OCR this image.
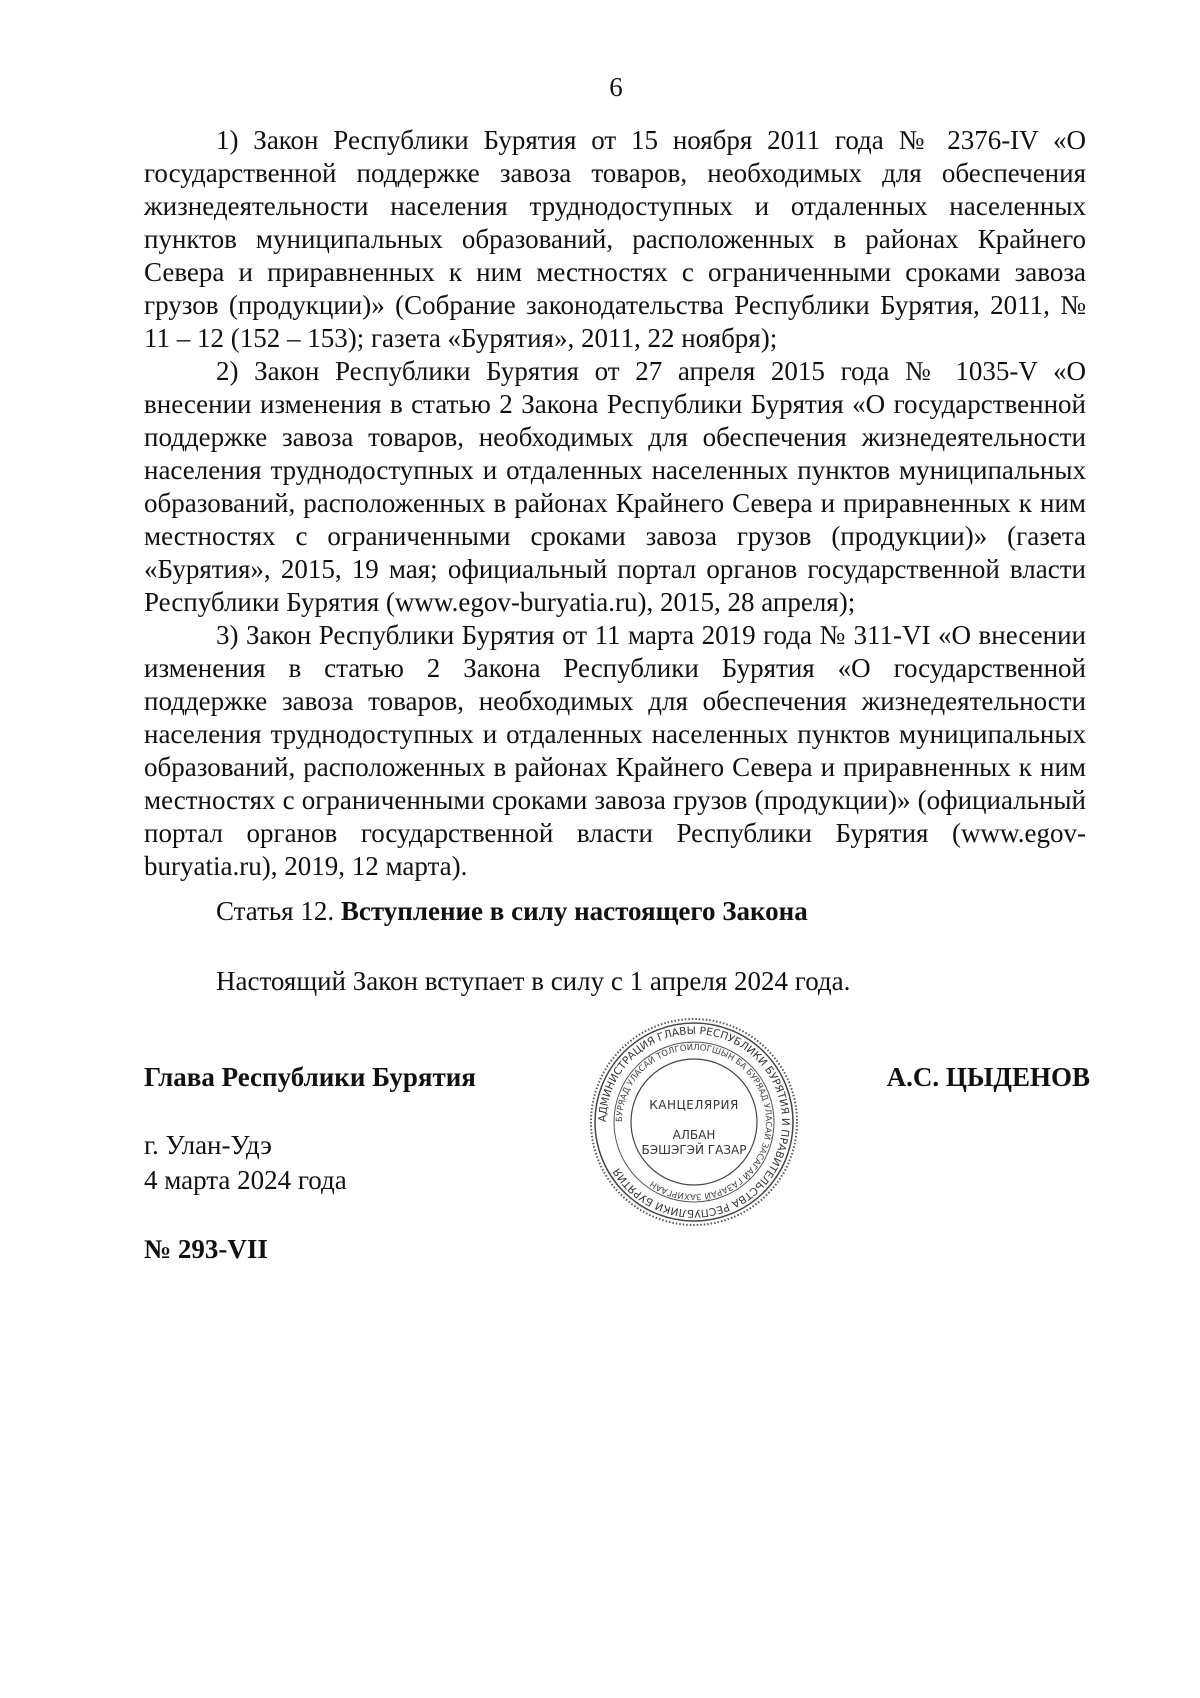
6

1) Закон Республики Бурятия от 15 ноября 2011 года № 2376-IV «О государственной поддержке завоза товаров, необходимых для обеспечения жизнедеятельности населения труднодоступных и отдаленных населенных пунктов муниципальных образований, расположенных в районах Крайнего Севера и приравненных к ним местностях с ограниченными сроками завоза грузов (продукции)» (Собрание законодательства Республики Бурятия, 2011, № 11 – 12 (152 – 153); газета «Бурятия», 2011, 22 ноября);

2) Закон Республики Бурятия от 27 апреля 2015 года № 1035-V «О внесении изменения в статью 2 Закона Республики Бурятия «О государственной поддержке завоза товаров, необходимых для обеспечения жизнедеятельности населения труднодоступных и отдаленных населенных пунктов муниципальных образований, расположенных в районах Крайнего Севера и приравненных к ним местностях с ограниченными сроками завоза грузов (продукции)» (газета «Бурятия», 2015, 19 мая; официальный портал органов государственной власти Республики Бурятия (www.egov-buryatia.ru), 2015, 28 апреля);

3) Закон Республики Бурятия от 11 марта 2019 года № 311-VI «О внесении изменения в статью 2 Закона Республики Бурятия «О государственной поддержке завоза товаров, необходимых для обеспечения жизнедеятельности населения труднодоступных и отдаленных населенных пунктов муниципальных образований, расположенных в районах Крайнего Севера и приравненных к ним местностях с ограниченными сроками завоза грузов (продукции)» (официальный портал органов государственной власти Республики Бурятия (www.egov-buryatia.ru), 2019, 12 марта).

Статья 12. Вступление в силу настоящего Закона
Настоящий Закон вступает в силу с 1 апреля 2024 года.
Глава Республики Бурятия	А.С. ЦЫДЕНОВ
г. Улан-Удэ
4 марта 2024 года
№ 293-VII
АДМИНИСТРАЦИЯ ГЛАВЫ РЕСПУБЛИКИ БУРЯТИЯ И ПРАВИТЕЛЬСТВА РЕСПУБЛИКИ БУРЯТИЯ
БУРЯАД УЛАСАЙ ТОЛГОЙЛОГШЫН БА БУРЯАД УЛАСАЙ ЗАСАГАЙ ГАЗАРАЙ ЗАХИРГААН
КАНЦЕЛЯРИЯ
АЛБАН
БЭШЭГЭЙ ГАЗАР
